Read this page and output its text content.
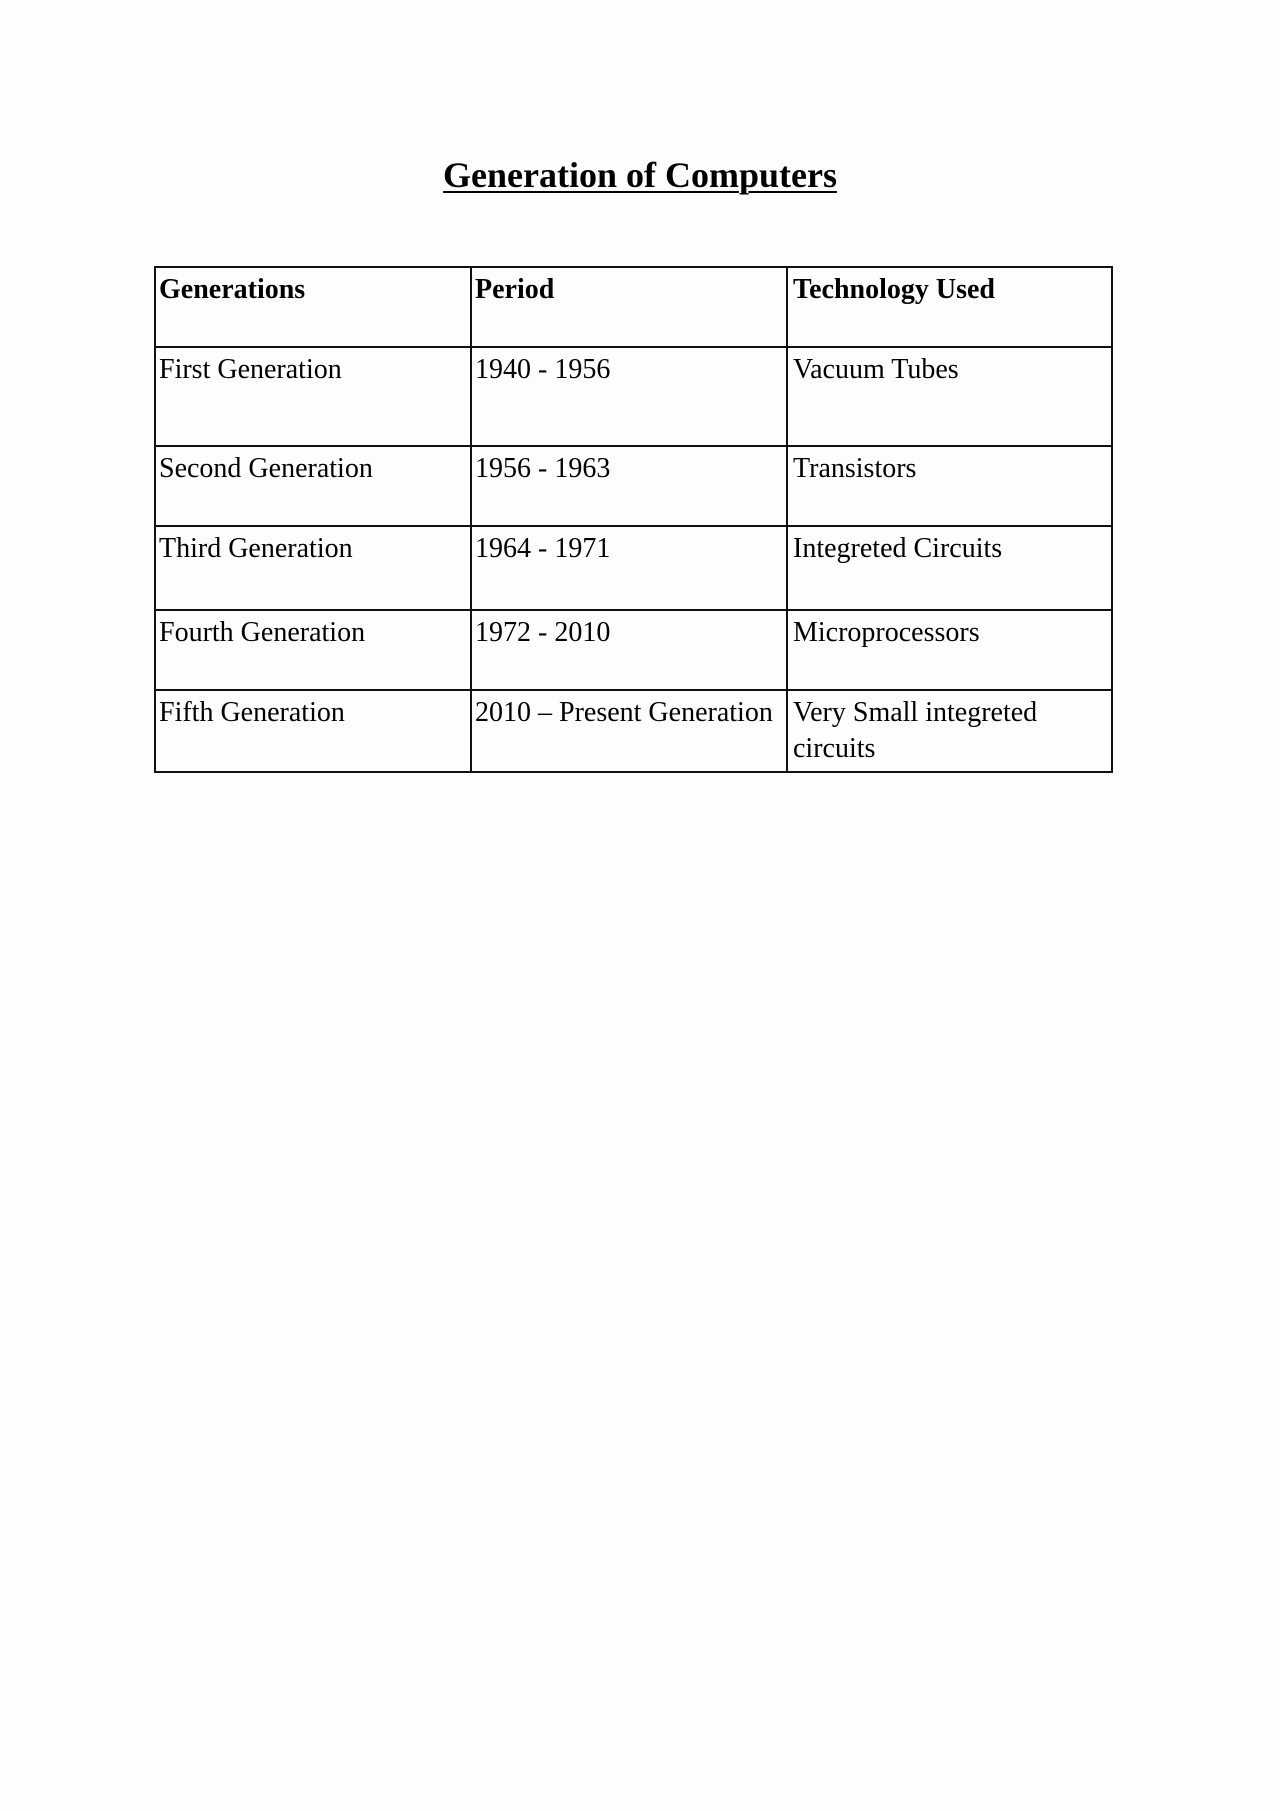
Generation of Computers
Generations	Period	Technology Used
First Generation	1940 - 1956	Vacuum Tubes
Second Generation	1956 - 1963	Transistors
Third Generation	1964 - 1971	Integreted Circuits
Fourth Generation	1972 - 2010	Microprocessors
Fifth Generation	2010 – Present Generation	Very Small integreted circuits
